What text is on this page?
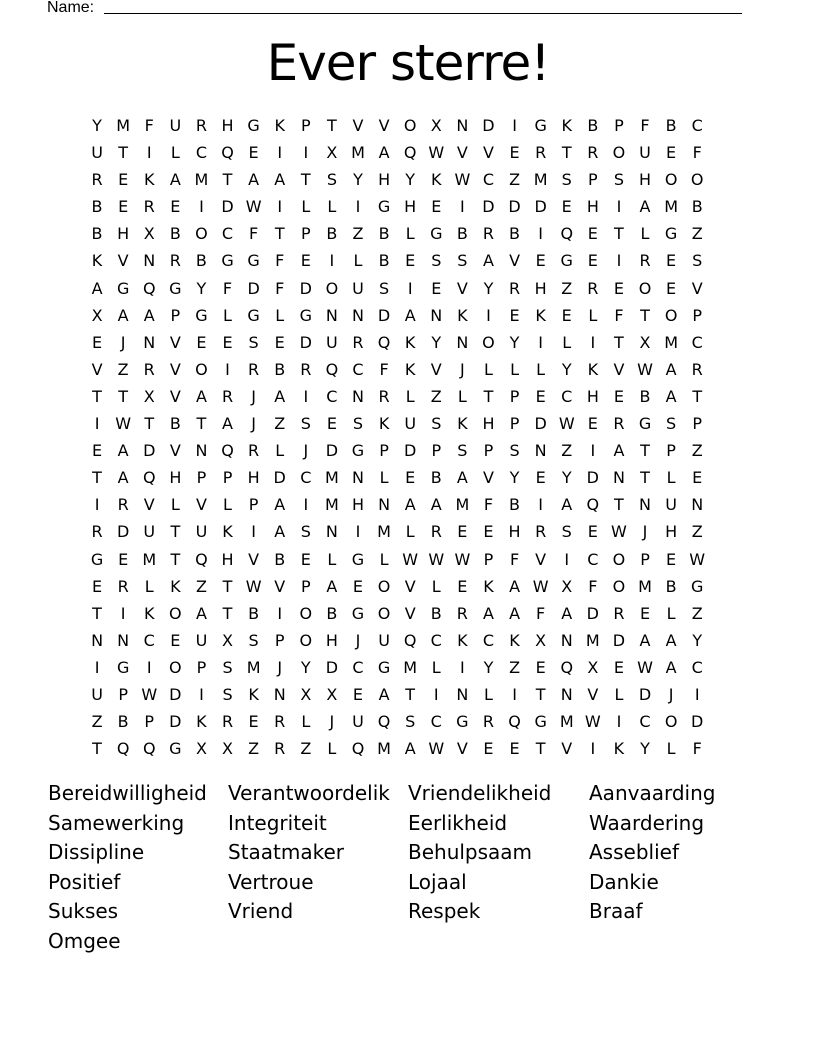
Name:
Ever sterre!
Y M F U R H G K	P	T V V O X N D	I	G K B P	F	B C
U T	I	L	C Q E	I	I	X M A Q W V V E R T R O U E	F
R E K A M T A A T	S	Y H Y K W C Z M S	P	S H O O
B E R E	I	D W I	L	L	I	G H E	I	D D D E H	I	A M B
B H X B O C F	T	P B Z B	L G B R B	I	Q E	T	L G Z
K V N R B G G F	E	I	L	B E S S A V E G E	I	R E S
A G Q G Y	F D F D O U S	I	E V Y R H Z R E O E V
X A A P G L G L G N N D A N K	I	E K E	L	F	T O P
E	J	N V E E S E D U R Q K Y N O Y	I	L	I	T X M C
V Z R V O	I	R B R Q C F	K V	J	L	L	L	Y K V W A R
T	T X V A R	J	A	I	C N R	L	Z	L	T	P	E C H E B A T
I W T B T A	J	Z S E S K U S K H P D W E R G S	P
E A D V N Q R	L	J	D G P D P	S	P	S N Z	I	A T	P Z
T A Q H P	P H D C M N L	E B A V Y	E	Y D N T	L	E
I	R V	L	V	L	P A	I	M H N A A M F	B	I	A Q T N U N
R D U T U K	I	A S N	I	M L	R E E H R S E W J	H Z
G E M T Q H V B E	L G L W W W P	F	V	I	C O P	E W
E R	L	K Z T W V P A E O V	L	E K A W X	F O M B G
T	I	K O A T B	I	O B G O V B R A A	F	A D R E	L	Z
N N C E U X S	P O H	J	U Q C K C K X N M D A A Y
I	G	I	O P	S M	J	Y D C G M L	I	Y Z E Q X E W A C
U P W D	I	S K N X X E A T	I	N L	I	T N V	L D	J	I
Z B P D K R E R	L	J	U Q S C G R Q G M W I	C O D
T Q Q G X X Z R Z	L Q M A W V E E	T V	I	K Y	L	F
Bereidwilligheid
Samewerking
Dissipline
Positief
Sukses
Omgee
Verantwoordelik
Integriteit
Staatmaker
Vertroue
Vriend
Vriendelikheid
Eerlikheid
Behulpsaam
Lojaal
Respek
Aanvaarding
Waardering
Asseblief
Dankie
Braaf
